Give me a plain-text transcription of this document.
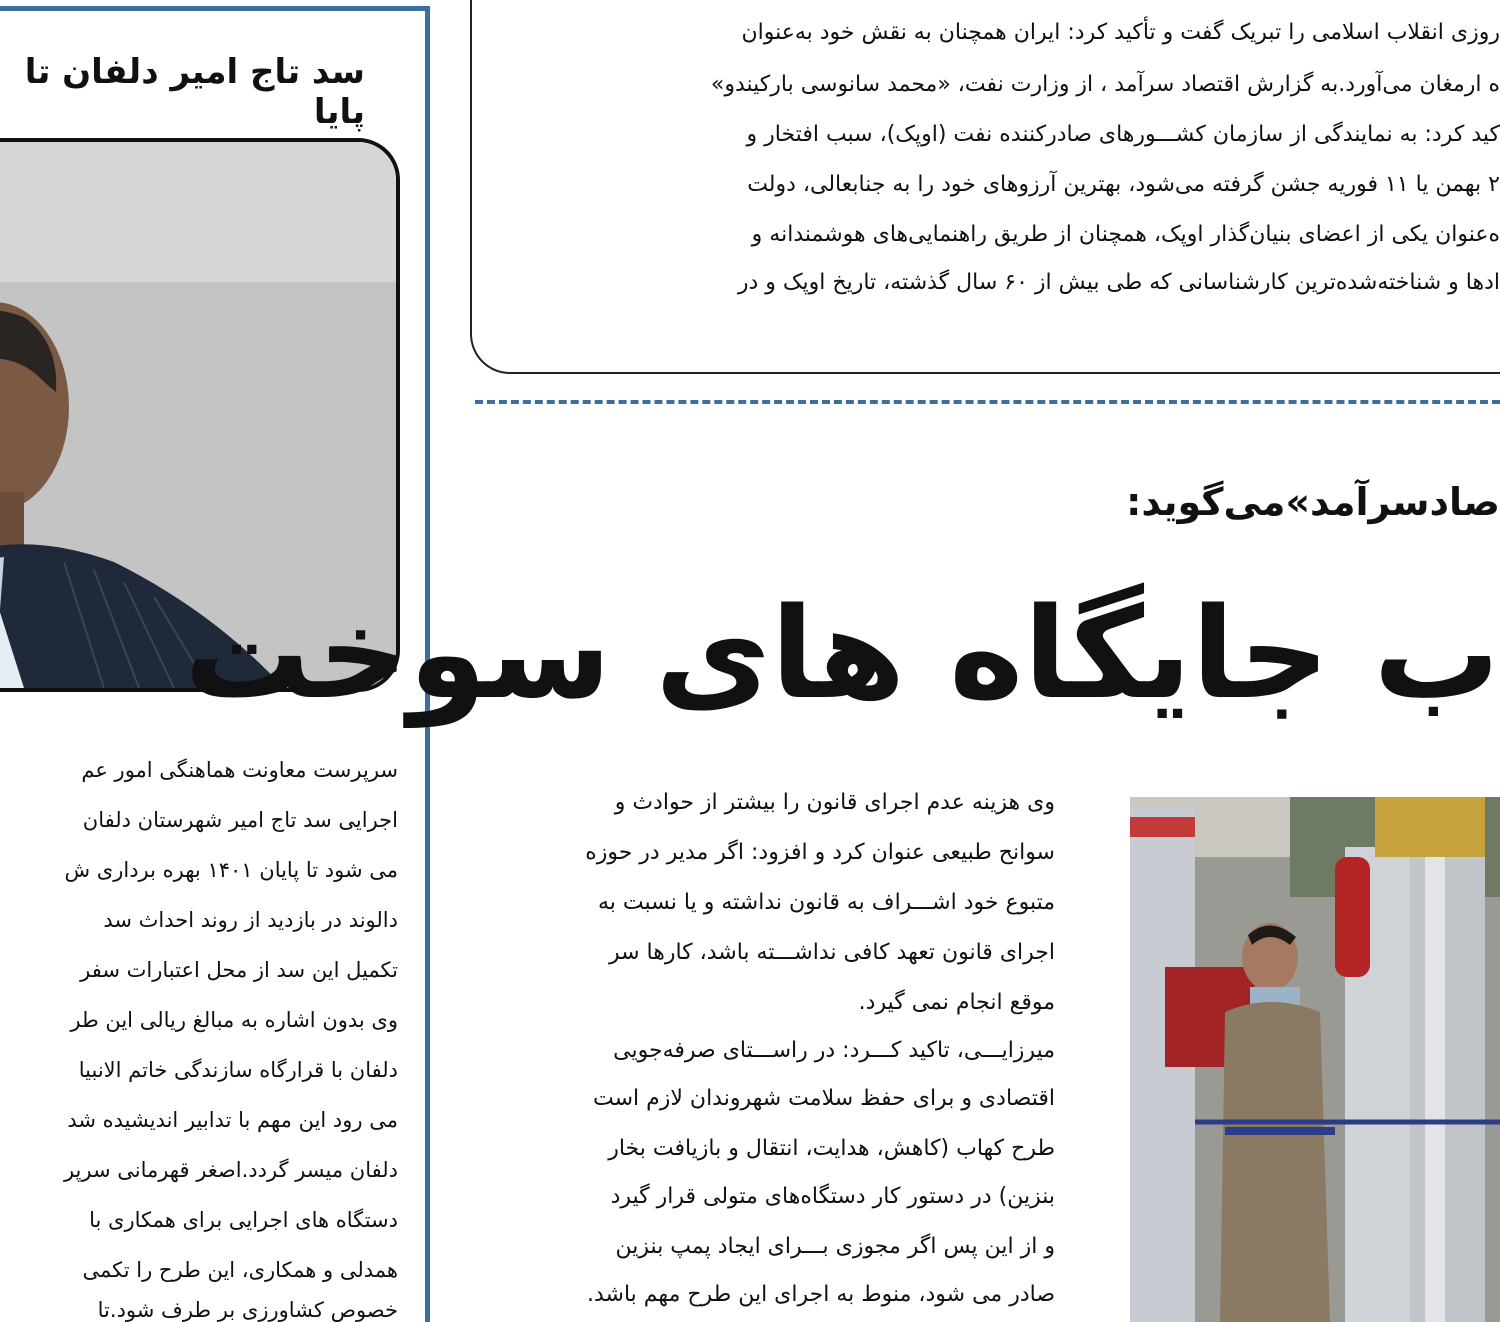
سد تاج امیر دلفان تا پایا
سرپرست معاونت هماهنگی امور عم
اجرایی سد تاج امیر شهرستان دلفان
می شود تا پایان ۱۴۰۱ بهره برداری ش
دالوند در بازدید از روند احداث سد
تکمیل این سد از محل اعتبارات سفر
وی بدون اشاره به مبالغ ریالی این طر
دلفان با قرارگاه سازندگی خاتم الانبیا
می رود این مهم با تدابیر اندیشیده شد
دلفان میسر گردد.اصغر قهرمانی سرپر
دستگاه های اجرایی برای همکاری با
همدلی و همکاری، این طرح را تکمی
خصوص کشاورزی بر طرف شود.تا
روزی انقلاب اسلامی را تبریک گفت و تأکید کرد: ایران همچنان به نقش خود به‌عنوان
ه ارمغان می‌آورد.به گزارش اقتصاد سرآمد ، از وزارت نفت، «محمد سانوسی بارکیندو»
کید کرد: به نمایندگی از سازمان کشـــورهای صادرکننده نفت (اوپک)، سبب افتخار و
۲ بهمن یا ۱۱ فوریه جشن گرفته می‌شود، بهترین آرزوهای خود را به جنابعالی، دولت
ه‌عنوان یکی از اعضای بنیان‌گذار اوپک، همچنان از طریق راهنمایی‌های هوشمندانه و
ادها و شناخته‌شده‌ترین کارشناسانی که طی بیش از ۶۰ سال گذشته، تاریخ اوپک و در
صادسرآمد»می‌گوید:
ب جایگاه های سوخت
وی هزینه عدم اجرای قانون را بیشتر از حوادث و
سوانح طبیعی عنوان کرد و افزود: اگر مدیر در حوزه
متبوع خود اشـــراف به قانون نداشته و یا نسبت به
اجرای قانون تعهد کافی نداشـــته باشد، کارها سر
موقع انجام نمی گیرد.
میرزایـــی، تاکید کـــرد: در راســـتای صرفه‌جویی
اقتصادی و برای حفظ سلامت شهروندان لازم است
طرح کهاب (کاهش، هدایت، انتقال و بازیافت بخار
بنزین) در دستور کار دستگاه‌های متولی قرار گیرد
و از این پس اگر مجوزی بـــرای ایجاد پمپ بنزین
صادر می شود، منوط به اجرای این طرح مهم باشد.
